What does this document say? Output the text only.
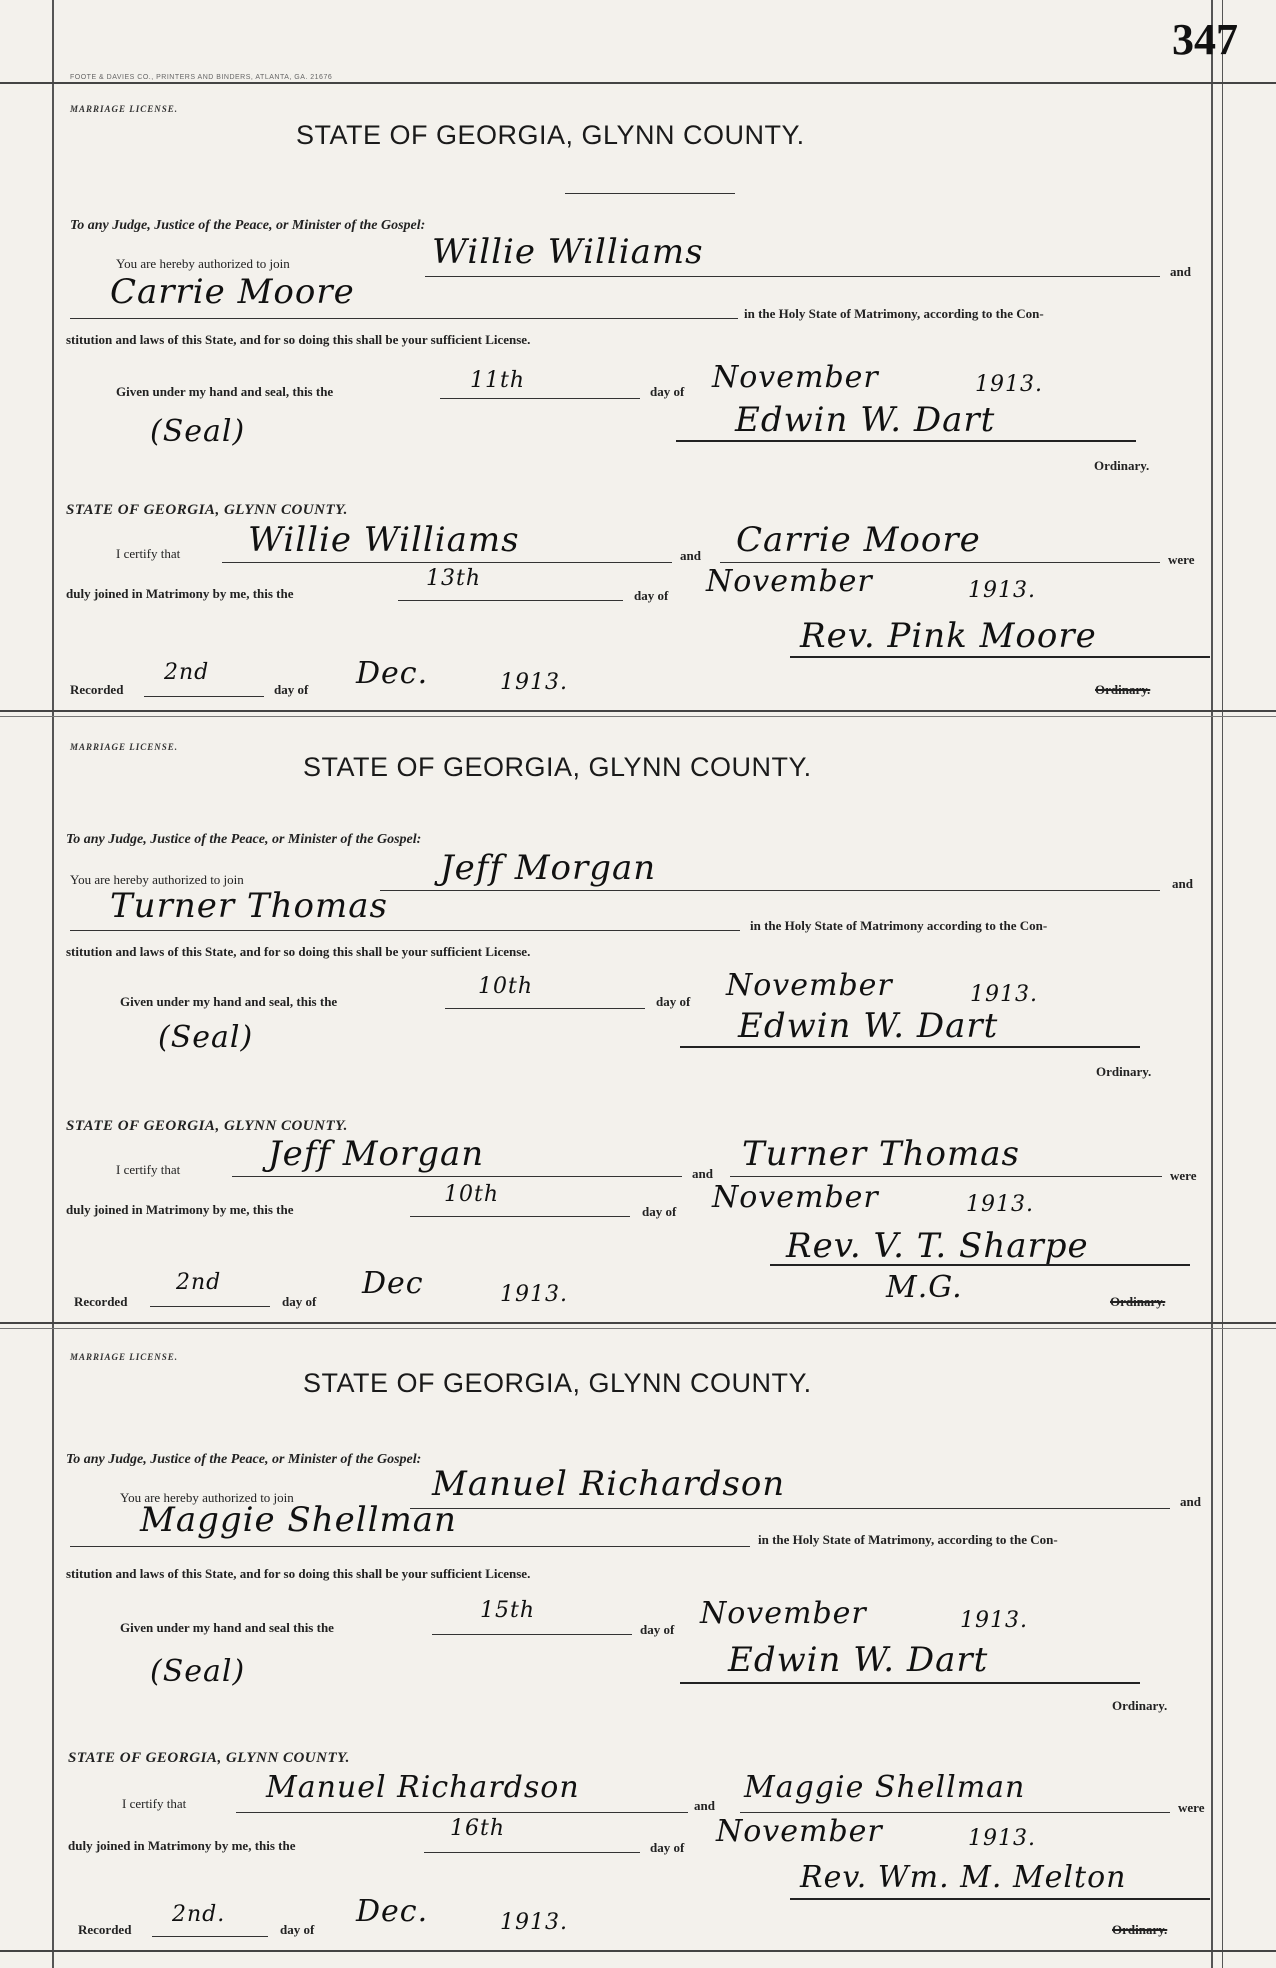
347
FOOTE & DAVIES CO., PRINTERS AND BINDERS, ATLANTA, GA. 21676
MARRIAGE LICENSE.
STATE OF GEORGIA, GLYNN COUNTY.
To any Judge, Justice of the Peace, or Minister of the Gospel:
You are hereby authorized to join	Willie Williams	and
Carrie Moore
in the Holy State of Matrimony, according to the Con-
stitution and laws of this State, and for so doing this shall be your sufficient License.
Given under my hand and seal, this the	11th	day of November	1913.
(Seal)	Edwin W. Dart
Ordinary.
STATE OF GEORGIA, GLYNN COUNTY.
I certify that Willie Williams	and Carrie Moore	were
duly joined in Matrimony by me, this the
13th
day of November	1913.
Rev. Pink Moore
Recorded
2nd
day of Dec.	1913.	Ordinary.
MARRIAGE LICENSE.
STATE OF GEORGIA, GLYNN COUNTY.
To any Judge, Justice of the Peace, or Minister of the Gospel:
You are hereby authorized to join	Jeff Morgan	and
Turner Thomas	in the Holy State of Matrimony according to the Con-
stitution and laws of this State, and for so doing this shall be your sufficient License.
Given under my hand and seal, this the
10th
day of November	1913.
(Seal)	Edwin W. Dart
Ordinary.
STATE OF GEORGIA, GLYNN COUNTY.
I certify that	Jeff Morgan	and Turner Thomas
were
duly joined in Matrimony by me, this the
10th
day of November	1913.
Rev. V. T. Sharpe
Recorded
2nd
day of
Dec	1913.	M.G.	Ordinary.
MARRIAGE LICENSE.
STATE OF GEORGIA, GLYNN COUNTY.
To any Judge, Justice of the Peace, or Minister of the Gospel:
You are hereby authorized to join	Manuel Richardson	and
Maggie Shellman	in the Holy State of Matrimony, according to the Con-
stitution and laws of this State, and for so doing this shall be your sufficient License.
Given under my hand and seal this the
15th
day of November	1913.
(Seal)	Edwin W. Dart
Ordinary.
STATE OF GEORGIA, GLYNN COUNTY.
I certify that	Manuel Richardson
and
Maggie Shellman
were
duly joined in Matrimony by me, this the
16th
day of November	1913.
Rev. Wm. M. Melton
Recorded
2nd.
day of
Dec.	1913.	Ordinary.
